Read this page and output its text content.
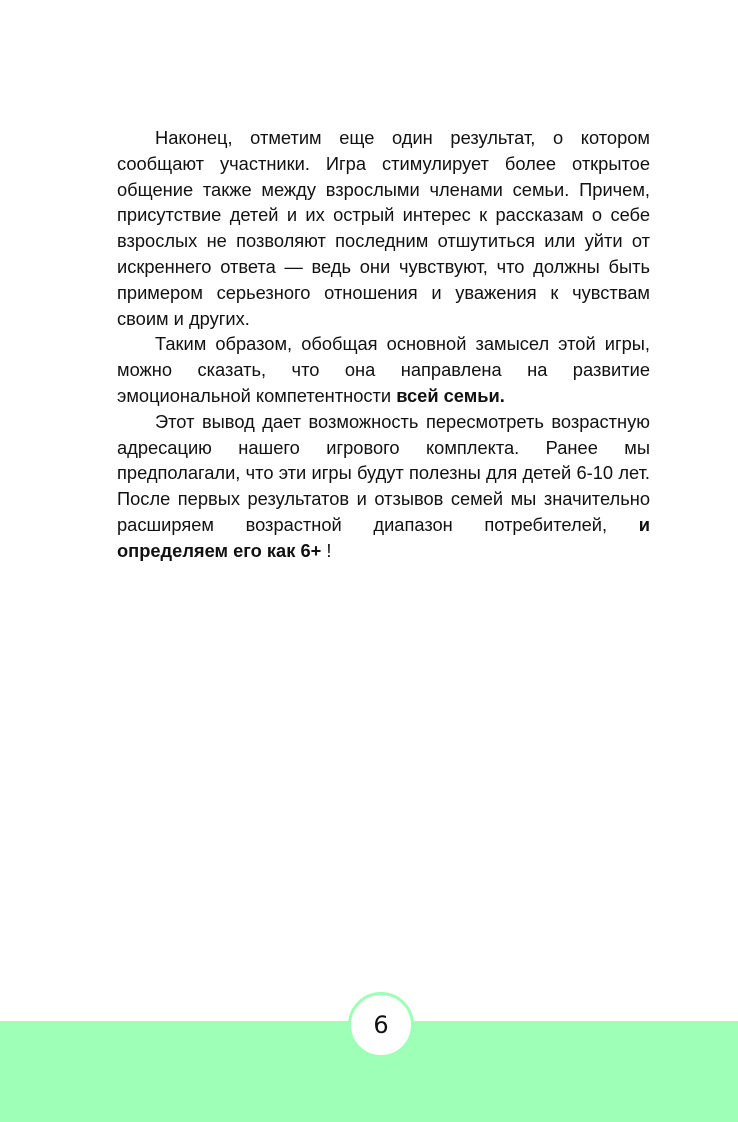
Наконец, отметим еще один результат, о котором сообщают участники. Игра стимулирует более открытое общение также между взрослыми членами семьи. Причем, присутствие детей и их острый интерес к рассказам о себе взрослых не позволяют последним отшутиться или уйти от искреннего ответа — ведь они чувствуют, что должны быть примером серьезного отношения и уважения к чувствам своим и других.

Таким образом, обобщая основной замысел этой игры, можно сказать, что она направлена на развитие эмоциональной компетентности всей семьи.

Этот вывод дает возможность пересмотреть возрастную адресацию нашего игрового комплекта. Ранее мы предполагали, что эти игры будут полезны для детей 6-10 лет. После первых результатов и отзывов семей мы значительно расширяем возрастной диапазон потребителей, и определяем его как 6+ !

6
